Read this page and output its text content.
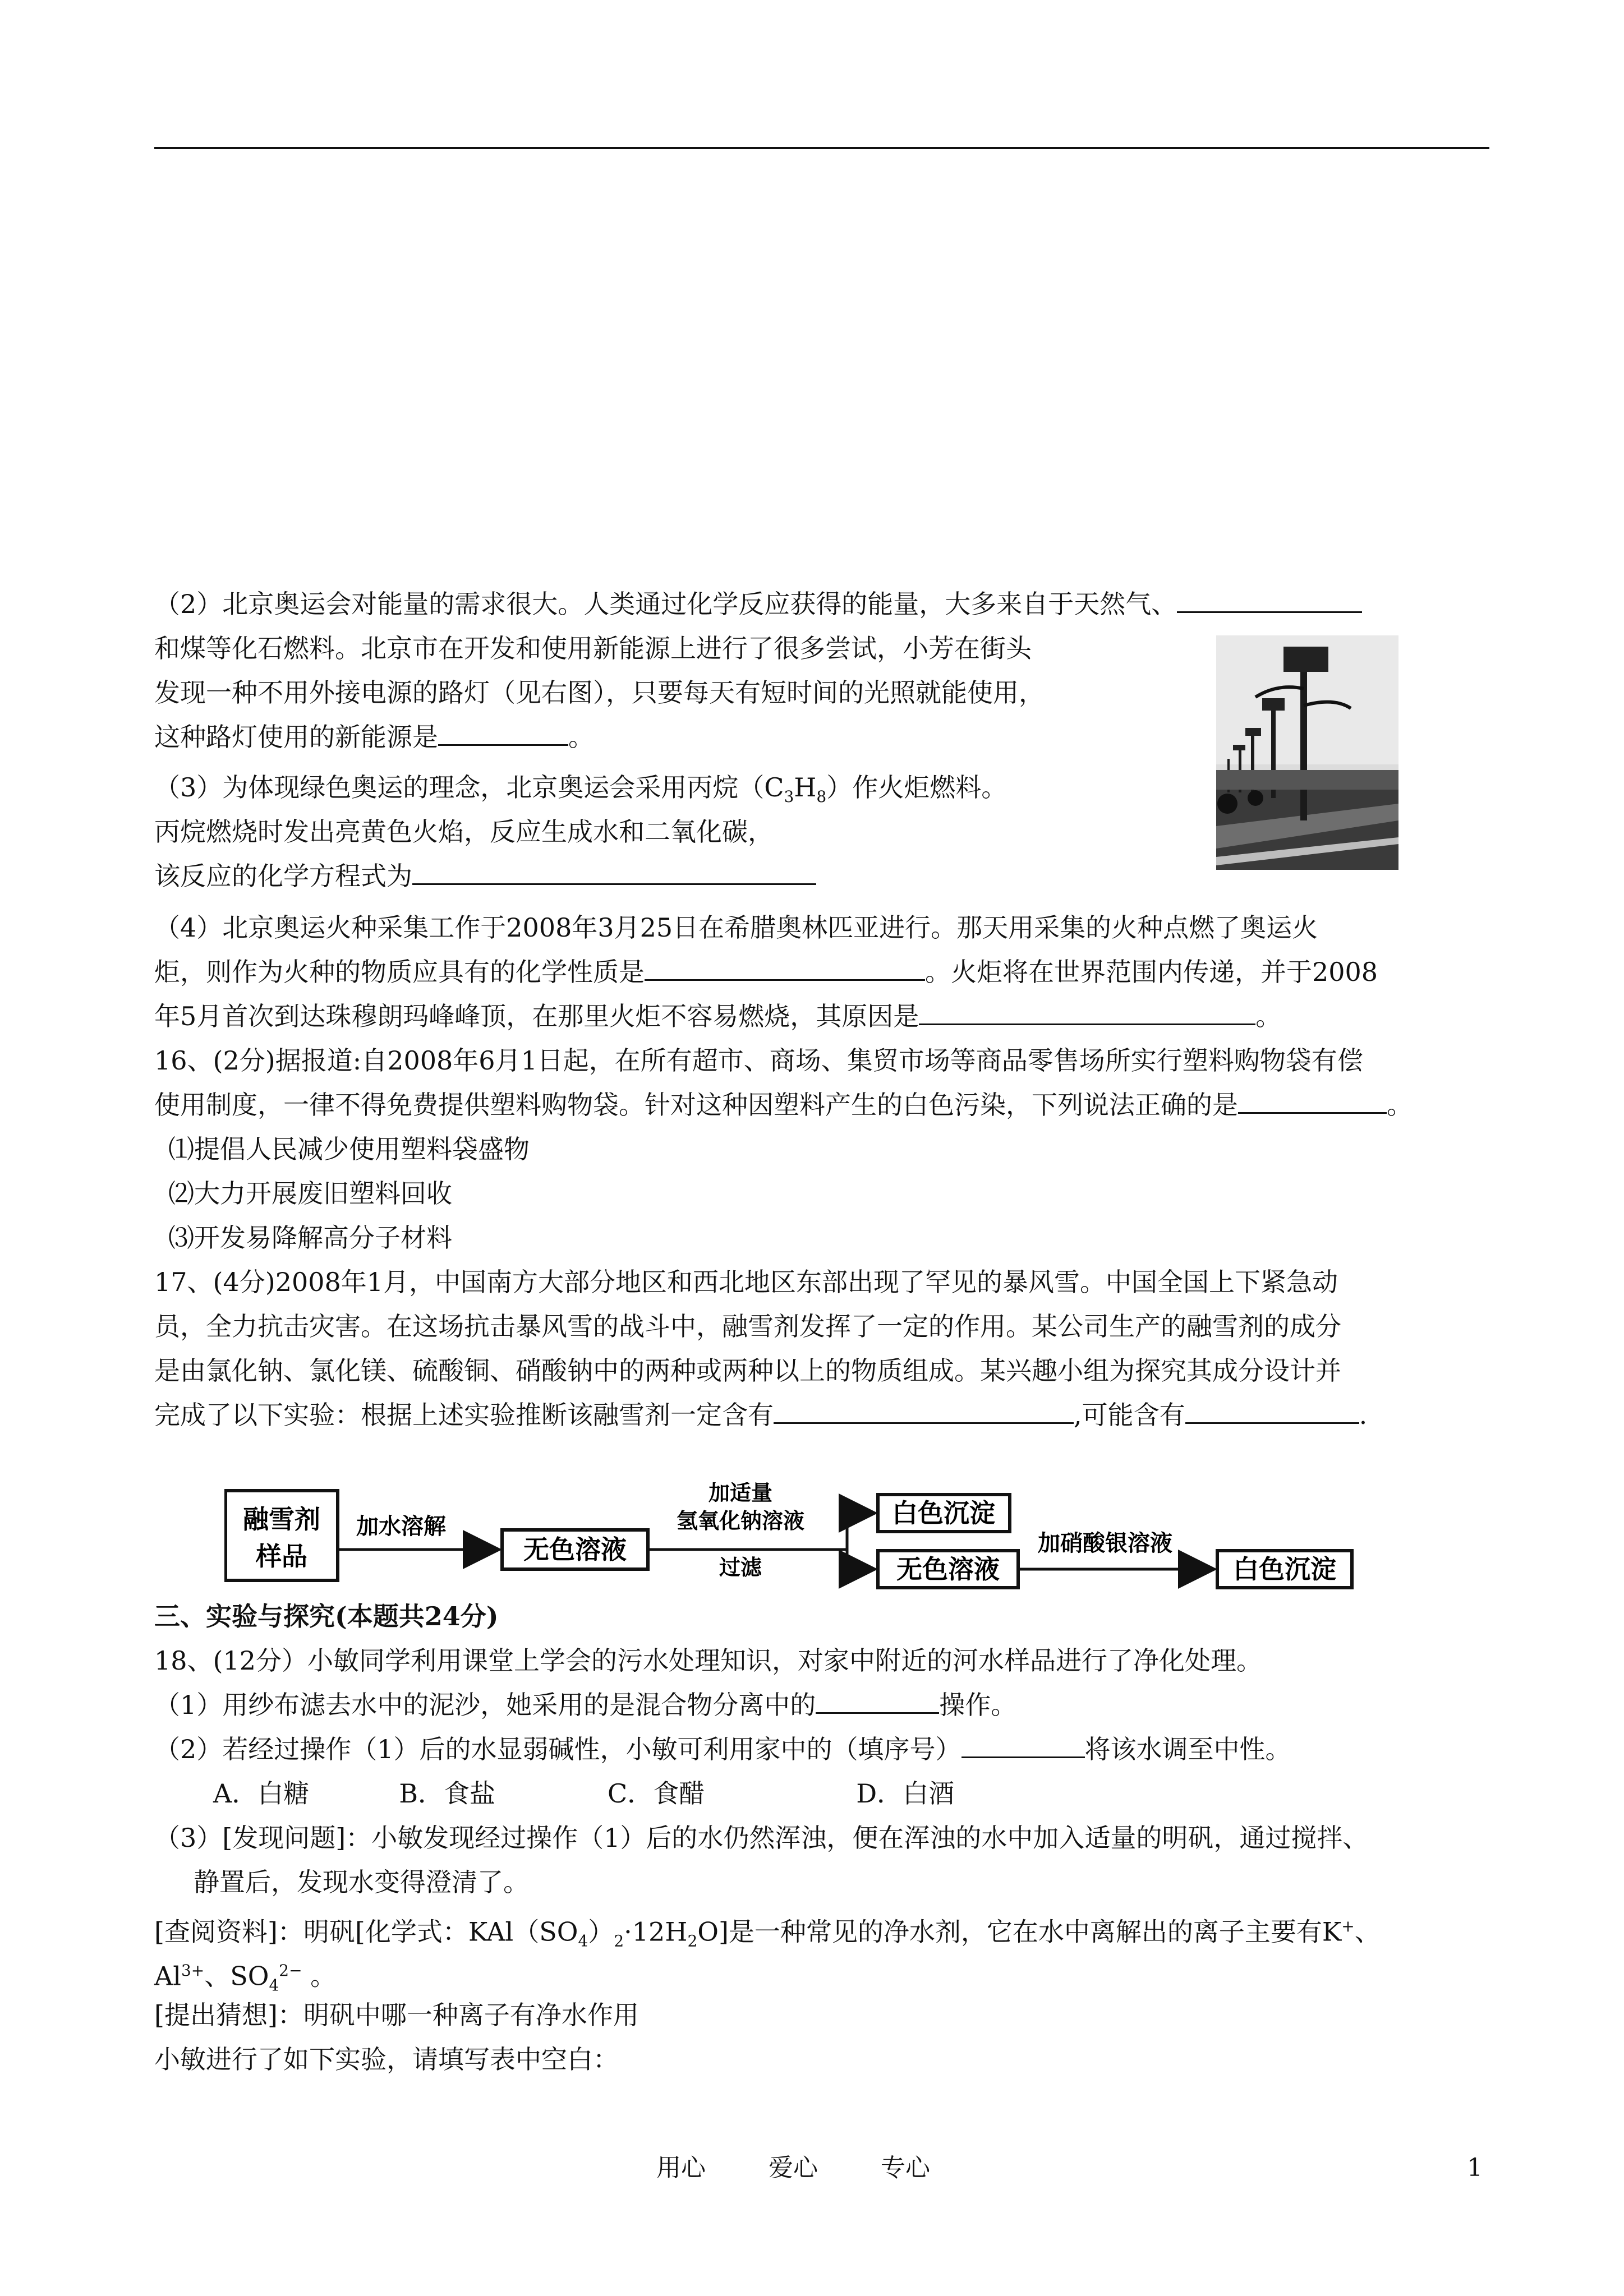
（2）北京奥运会对能量的需求很大。人类通过化学反应获得的能量，大多来自于天然气、
和煤等化石燃料。北京市在开发和使用新能源上进行了很多尝试，小芳在街头
发现一种不用外接电源的路灯（见右图），只要每天有短时间的光照就能使用，
这种路灯使用的新能源是	。
（3）为体现绿色奥运的理念，北京奥运会采用丙烷$(C_3H_8)$作火炬燃料。
丙烷燃烧时发出亮黄色火焰，反应生成水和二氧化碳，
该反应的化学方程式为
（4）北京奥运火种采集工作于2008年3月25日在希腊奥林匹亚进行。那天用采集的火种点燃了奥运火
炬，则作为火种的物质应具有的化学性质是	。火炬将在世界范围内传递，并于2008
年5月首次到达珠穆朗玛峰峰顶，在那里火炬不容易燃烧，其原因是	。
16、(2分)据报道:自2008年6月1日起，在所有超市、商场、集贸市场等商品零售场所实行塑料购物袋有偿
使用制度，一律不得免费提供塑料购物袋。针对这种因塑料产生的白色污染，下列说法正确的是	。
⑴提倡人民减少使用塑料袋盛物
⑵大力开展废旧塑料回收
⑶开发易降解高分子材料
17、(4分)2008年1月，中国南方大部分地区和西北地区东部出现了罕见的暴风雪。中国全国上下紧急动
员，全力抗击灾害。在这场抗击暴风雪的战斗中，融雪剂发挥了一定的作用。某公司生产的融雪剂的成分
是由氯化钠、氯化镁、硫酸铜、硝酸钠中的两种或两种以上的物质组成。某兴趣小组为探究其成分设计并
完成了以下实验：根据上述实验推断该融雪剂一定含有	,可能含有	.
融雪剂
样品
加水溶解
无色溶液
加适量
氢氧化钠溶液
过滤
白色沉淀
无色溶液
加硝酸银溶液
白色沉淀
三、实验与探究(本题共24分)
18、(12分）小敏同学利用课堂上学会的污水处理知识，对家中附近的河水样品进行了净化处理。
（1）用纱布滤去水中的泥沙，她采用的是混合物分离中的	操作。
（2）若经过操作（1）后的水显弱碱性，小敏可利用家中的（填序号）	将该水调至中性。
A．白糖	B．食盐	C．食醋	D．白酒
（3）[发现问题]：小敏发现经过操作（1）后的水仍然浑浊，便在浑浊的水中加入适量的明矾，通过搅拌、
静置后，发现水变得澄清了。
[查阅资料]：明矾[化学式：$KAl(SO_4)_2\cdot 12H_2O$]是一种常见的净水剂，它在水中离解出的离子主要有K+、
$Al^{3+}$、$SO_4^{2-}$ 。
[提出猜想]：明矾中哪一种离子有净水作用
小敏进行了如下实验，请填写表中空白：
用心	爱心	专心	1
